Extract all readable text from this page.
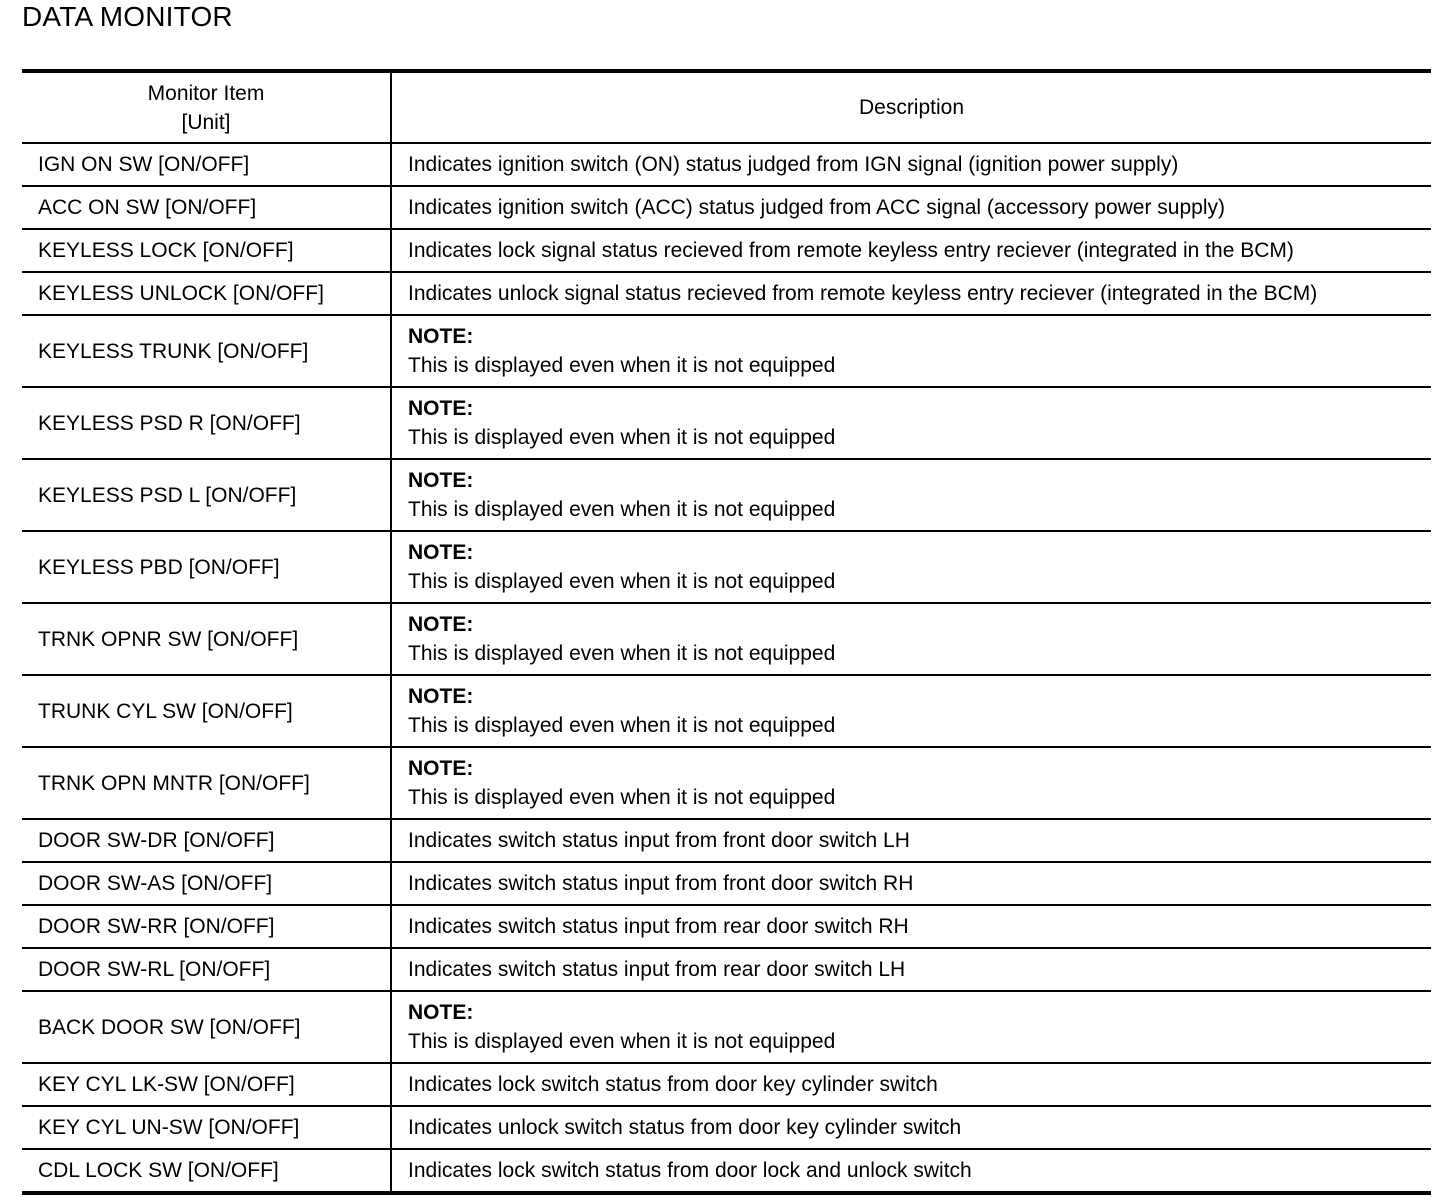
DATA MONITOR
Monitor Item
[Unit]	Description
IGN ON SW [ON/OFF]	Indicates ignition switch (ON) status judged from IGN signal (ignition power supply)
ACC ON SW [ON/OFF]	Indicates ignition switch (ACC) status judged from ACC signal (accessory power supply)
KEYLESS LOCK [ON/OFF]	Indicates lock signal status recieved from remote keyless entry reciever (integrated in the BCM)
KEYLESS UNLOCK [ON/OFF]	Indicates unlock signal status recieved from remote keyless entry reciever (integrated in the BCM)
KEYLESS TRUNK [ON/OFF]	NOTE:
This is displayed even when it is not equipped

KEYLESS PSD R [ON/OFF]	NOTE:
This is displayed even when it is not equipped

KEYLESS PSD L [ON/OFF]	NOTE:
This is displayed even when it is not equipped

KEYLESS PBD [ON/OFF]	NOTE:
This is displayed even when it is not equipped

TRNK OPNR SW [ON/OFF]	NOTE:
This is displayed even when it is not equipped

TRUNK CYL SW [ON/OFF]	NOTE:
This is displayed even when it is not equipped

TRNK OPN MNTR [ON/OFF]	NOTE:
This is displayed even when it is not equipped

DOOR SW-DR [ON/OFF]	Indicates switch status input from front door switch LH
DOOR SW-AS [ON/OFF]	Indicates switch status input from front door switch RH
DOOR SW-RR [ON/OFF]	Indicates switch status input from rear door switch RH
DOOR SW-RL [ON/OFF]	Indicates switch status input from rear door switch LH
BACK DOOR SW [ON/OFF]	NOTE:
This is displayed even when it is not equipped

KEY CYL LK-SW [ON/OFF]	Indicates lock switch status from door key cylinder switch
KEY CYL UN-SW [ON/OFF]	Indicates unlock switch status from door key cylinder switch
CDL LOCK SW [ON/OFF]	Indicates lock switch status from door lock and unlock switch
